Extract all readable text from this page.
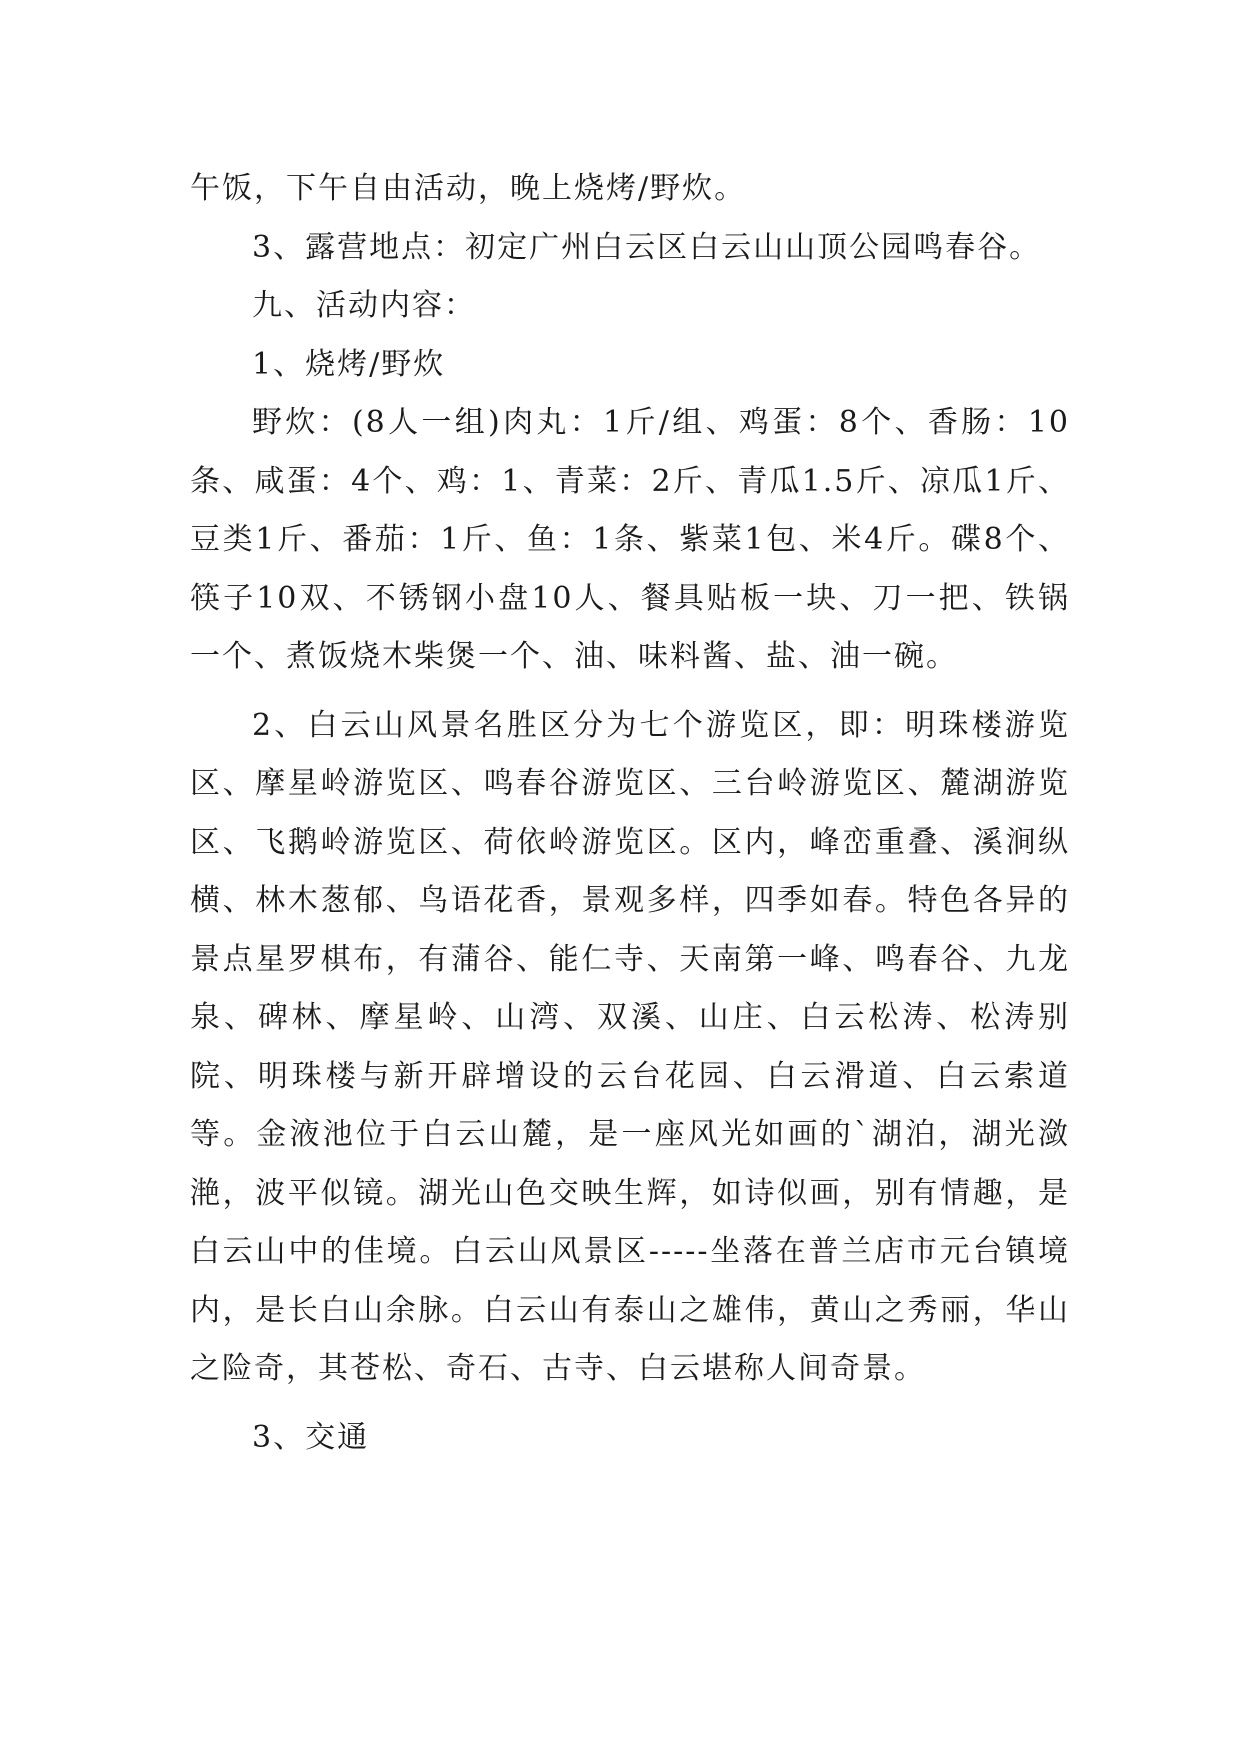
午饭，下午自由活动，晚上烧烤/野炊。

3、露营地点：初定广州白云区白云山山顶公园鸣春谷。

九、活动内容：

1、烧烤/野炊

野炊：(8人一组)肉丸：1斤/组、鸡蛋：8个、香肠：10条、咸蛋：4个、鸡：1、青菜：2斤、青瓜1.5斤、凉瓜1斤、豆类1斤、番茄：1斤、鱼：1条、紫菜1包、米4斤。碟8个、筷子10双、不锈钢小盘10人、餐具贴板一块、刀一把、铁锅一个、煮饭烧木柴煲一个、油、味料酱、盐、油一碗。

2、白云山风景名胜区分为七个游览区，即：明珠楼游览区、摩星岭游览区、鸣春谷游览区、三台岭游览区、麓湖游览区、飞鹅岭游览区、荷依岭游览区。区内，峰峦重叠、溪涧纵横、林木葱郁、鸟语花香，景观多样，四季如春。特色各异的景点星罗棋布，有蒲谷、能仁寺、天南第一峰、鸣春谷、九龙泉、碑林、摩星岭、山湾、双溪、山庄、白云松涛、松涛别院、明珠楼与新开辟增设的云台花园、白云滑道、白云索道等。金液池位于白云山麓，是一座风光如画的`湖泊，湖光潋滟，波平似镜。湖光山色交映生辉，如诗似画，别有情趣，是白云山中的佳境。白云山风景区-----坐落在普兰店市元台镇境内，是长白山余脉。白云山有泰山之雄伟，黄山之秀丽，华山之险奇，其苍松、奇石、古寺、白云堪称人间奇景。

3、交通
